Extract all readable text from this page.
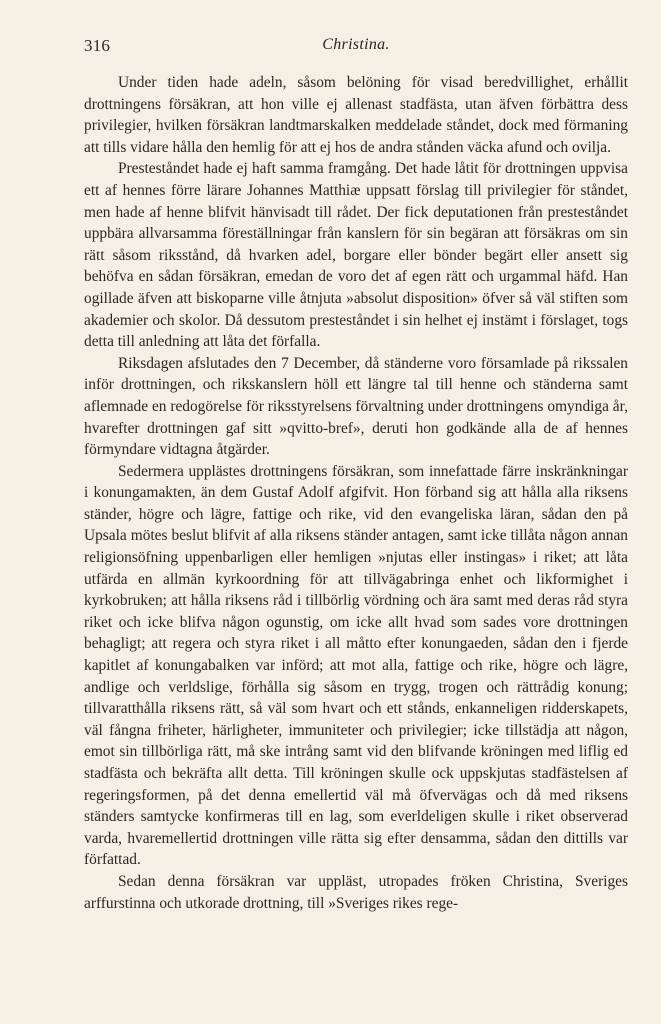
316	Christina.

Under tiden hade adeln, såsom belöning för visad beredvillighet, erhållit drottningens försäkran, att hon ville ej allenast stadfästa, utan äfven förbättra dess privilegier, hvilken försäkran landtmarskalken meddelade ståndet, dock med förmaning att tills vidare hålla den hemlig för att ej hos de andra stånden väcka afund och ovilja.

Presteståndet hade ej haft samma framgång. Det hade låtit för drottningen uppvisa ett af hennes förre lärare Johannes Matthiæ uppsatt förslag till privilegier för ståndet, men hade af henne blifvit hänvisadt till rådet. Der fick deputationen från presteståndet uppbära allvarsamma föreställningar från kanslern för sin begäran att försäkras om sin rätt såsom riksstånd, då hvarken adel, borgare eller bönder begärt eller ansett sig behöfva en sådan försäkran, emedan de voro det af egen rätt och urgammal häfd. Han ogillade äfven att biskoparne ville åtnjuta »absolut disposition» öfver så väl stiften som akademier och skolor. Då dessutom presteståndet i sin helhet ej instämt i förslaget, togs detta till anledning att låta det förfalla.

Riksdagen afslutades den 7 December, då ständerne voro församlade på rikssalen inför drottningen, och rikskanslern höll ett längre tal till henne och ständerna samt aflemnade en redogörelse för riksstyrelsens förvaltning under drottningens omyndiga år, hvarefter drottningen gaf sitt »qvitto-bref», deruti hon godkände alla de af hennes förmyndare vidtagna åtgärder.

Sedermera upplästes drottningens försäkran, som innefattade färre inskränkningar i konungamakten, än dem Gustaf Adolf afgifvit. Hon förband sig att hålla alla riksens ständer, högre och lägre, fattige och rike, vid den evangeliska läran, sådan den på Upsala mötes beslut blifvit af alla riksens ständer antagen, samt icke tillåta någon annan religionsöfning uppenbarligen eller hemligen »njutas eller instingas» i riket; att låta utfärda en allmän kyrkoordning för att tillvägabringa enhet och likformighet i kyrkobruken; att hålla riksens råd i tillbörlig vördning och ära samt med deras råd styra riket och icke blifva någon ogunstig, om icke allt hvad som sades vore drottningen behagligt; att regera och styra riket i all måtto efter konungaeden, sådan den i fjerde kapitlet af konungabalken var införd; att mot alla, fattige och rike, högre och lägre, andlige och verldslige, förhålla sig såsom en trygg, trogen och rättrådig konung; tillvaratthålla riksens rätt, så väl som hvart och ett stånds, enkanneligen ridderskapets, väl fångna friheter, härligheter, immuniteter och privilegier; icke tillstädja att någon, emot sin tillbörliga rätt, må ske intrång samt vid den blifvande kröningen med liflig ed stadfästa och bekräfta allt detta. Till kröningen skulle ock uppskjutas stadfästelsen af regeringsformen, på det denna emellertid väl må öfvervägas och då med riksens ständers samtycke konfirmeras till en lag, som everldeligen skulle i riket observerad varda, hvaremellertid drottningen ville rätta sig efter densamma, sådan den dittills var författad.

Sedan denna försäkran var uppläst, utropades fröken Christina, Sveriges arffurstinna och utkorade drottning, till »Sveriges rikes rege-
